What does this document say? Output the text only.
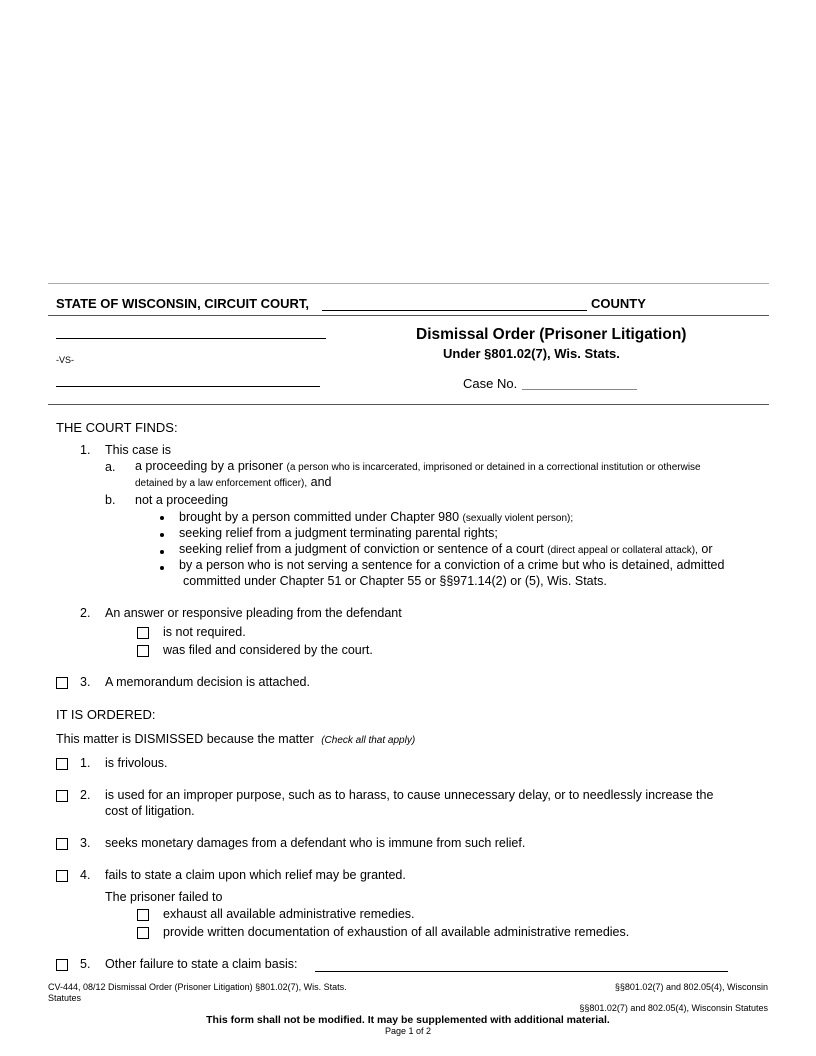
STATE OF WISCONSIN, CIRCUIT COURT,	COUNTY
-VS-
Dismissal Order (Prisoner Litigation)
Under §801.02(7), Wis. Stats.
Case No.
THE COURT FINDS:
1. This case is
a. a proceeding by a prisoner (a person who is incarcerated, imprisoned or detained in a correctional institution or otherwise
detained by a law enforcement officer), and
b. not a proceeding
brought by a person committed under Chapter 980 (sexually violent person);
seeking relief from a judgment terminating parental rights;
seeking relief from a judgment of conviction or sentence of a court (direct appeal or collateral attack), or
by a person who is not serving a sentence for a conviction of a crime but who is detained, admitted
committed under Chapter 51 or Chapter 55 or §§971.14(2) or (5), Wis. Stats.
2. An answer or responsive pleading from the defendant
is not required.
was filed and considered by the court.
3. A memorandum decision is attached.
IT IS ORDERED:
This matter is DISMISSED because the matter (Check all that apply)
1. is frivolous.
2. is used for an improper purpose, such as to harass, to cause unnecessary delay, or to needlessly increase the
cost of litigation.
3. seeks monetary damages from a defendant who is immune from such relief.
4. fails to state a claim upon which relief may be granted.
The prisoner failed to
exhaust all available administrative remedies.
provide written documentation of exhaustion of all available administrative remedies.
5. Other failure to state a claim basis:
CV-444, 08/12 Dismissal Order (Prisoner Litigation) §801.02(7), Wis. Stats.
Statutes
§§801.02(7) and 802.05(4), Wisconsin
§§801.02(7) and 802.05(4), Wisconsin Statutes
This form shall not be modified. It may be supplemented with additional material.
Page 1 of 2
